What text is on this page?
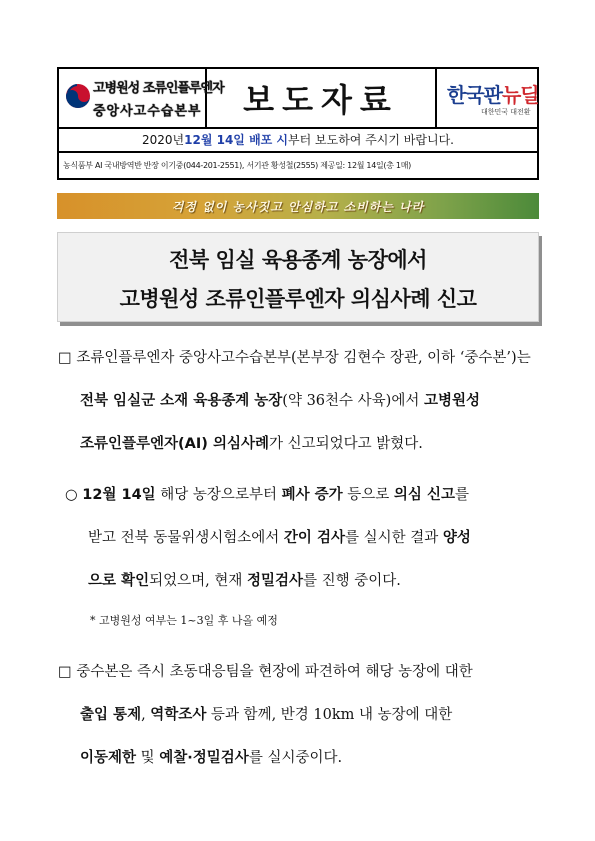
고병원성 조류인플루엔자
중앙사고수습본부	보도자료	한국판뉴딜
대한민국 대전환
2020년 12월 14일 배포 시 부터 보도하여 주시기 바랍니다.
농식품부 AI 국내방역반 반장 이기중(044-201-2551), 서기관 황성철(2555) 제공일: 12월 14일(총 1매)
걱정 없이 농사짓고 안심하고 소비하는 나라
전북 임실 육용종계 농장에서
고병원성 조류인플루엔자 의심사례 신고
□ 조류인플루엔자 중앙사고수습본부(본부장 김현수 장관, 이하 ‘중수본’)는
전북 임실군 소재 육용종계 농장(약 36천수 사육)에서 고병원성
조류인플루엔자(AI) 의심사례가 신고되었다고 밝혔다.
○ 12월 14일 해당 농장으로부터 폐사 증가 등으로 의심 신고를
받고 전북 동물위생시험소에서 간이 검사를 실시한 결과 양성
으로 확인되었으며, 현재 정밀검사를 진행 중이다.
* 고병원성 여부는 1~3일 후 나올 예정
□ 중수본은 즉시 초동대응팀을 현장에 파견하여 해당 농장에 대한
출입 통제, 역학조사 등과 함께, 반경 10km 내 농장에 대한
이동제한 및 예찰·정밀검사를 실시중이다.
